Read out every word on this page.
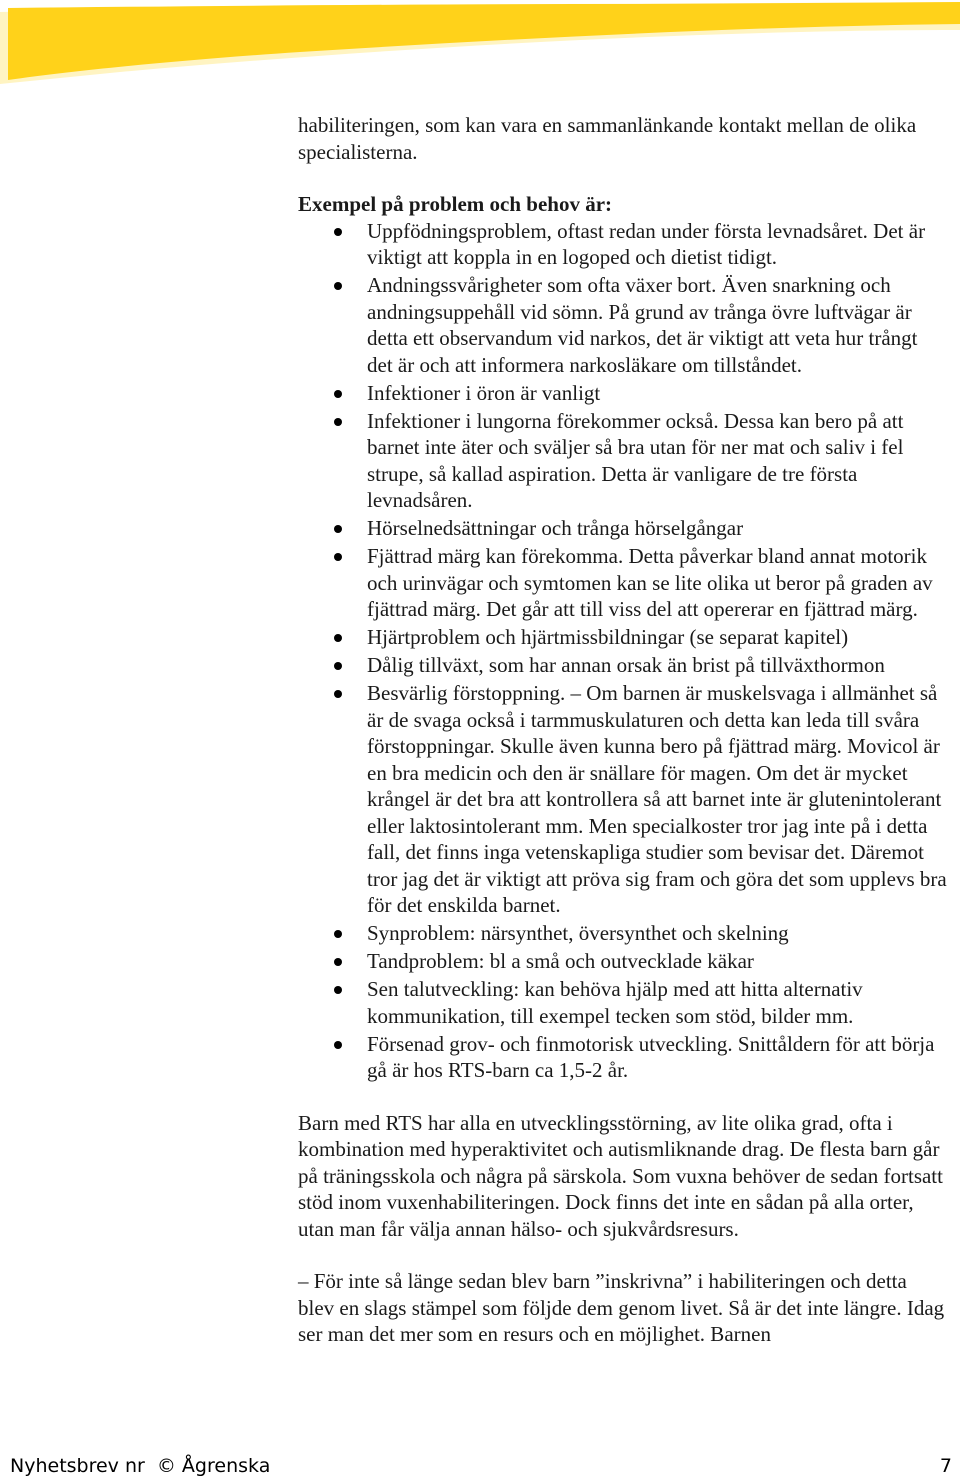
habiliteringen, som kan vara en sammanlänkande kontakt mellan de olika specialisterna.

Exempel på problem och behov är:

Uppfödningsproblem, oftast redan under första levnadsåret. Det är viktigt att koppla in en logoped och dietist tidigt.
Andningssvårigheter som ofta växer bort. Även snarkning och andningsuppehåll vid sömn. På grund av trånga övre luftvägar är detta ett observandum vid narkos, det är viktigt att veta hur trångt det är och att informera narkosläkare om tillståndet.
Infektioner i öron är vanligt
Infektioner i lungorna förekommer också. Dessa kan bero på att barnet inte äter och sväljer så bra utan för ner mat och saliv i fel strupe, så kallad aspiration. Detta är vanligare de tre första levnadsåren.
Hörselnedsättningar och trånga hörselgångar
Fjättrad märg kan förekomma. Detta påverkar bland annat motorik och urinvägar och symtomen kan se lite olika ut beror på graden av fjättrad märg. Det går att till viss del att opererar en fjättrad märg.
Hjärtproblem och hjärtmissbildningar (se separat kapitel)
Dålig tillväxt, som har annan orsak än brist på tillväxthormon
Besvärlig förstoppning. – Om barnen är muskelsvaga i allmänhet så är de svaga också i tarmmuskulaturen och detta kan leda till svåra förstoppningar. Skulle även kunna bero på fjättrad märg. Movicol är en bra medicin och den är snällare för magen. Om det är mycket krångel är det bra att kontrollera så att barnet inte är glutenintolerant eller laktosintolerant mm. Men specialkoster tror jag inte på i detta fall, det finns inga vetenskapliga studier som bevisar det. Däremot tror jag det är viktigt att pröva sig fram och göra det som upplevs bra för det enskilda barnet.
Synproblem: närsynthet, översynthet och skelning
Tandproblem: bl a små och outvecklade käkar
Sen talutveckling: kan behöva hjälp med att hitta alternativ kommunikation, till exempel tecken som stöd, bilder mm.
Försenad grov- och finmotorisk utveckling. Snittåldern för att börja gå är hos RTS-barn ca 1,5-2 år.

Barn med RTS har alla en utvecklingsstörning, av lite olika grad, ofta i kombination med hyperaktivitet och autismliknande drag. De flesta barn går på träningsskola och några på särskola. Som vuxna behöver de sedan fortsatt stöd inom vuxenhabiliteringen. Dock finns det inte en sådan på alla orter, utan man får välja annan hälso- och sjukvårdsresurs.

– För inte så länge sedan blev barn ”inskrivna” i habiliteringen och detta blev en slags stämpel som följde dem genom livet. Så är det inte längre. Idag ser man det mer som en resurs och en möjlighet. Barnen

Nyhetsbrev nr  © Ågrenska	7
